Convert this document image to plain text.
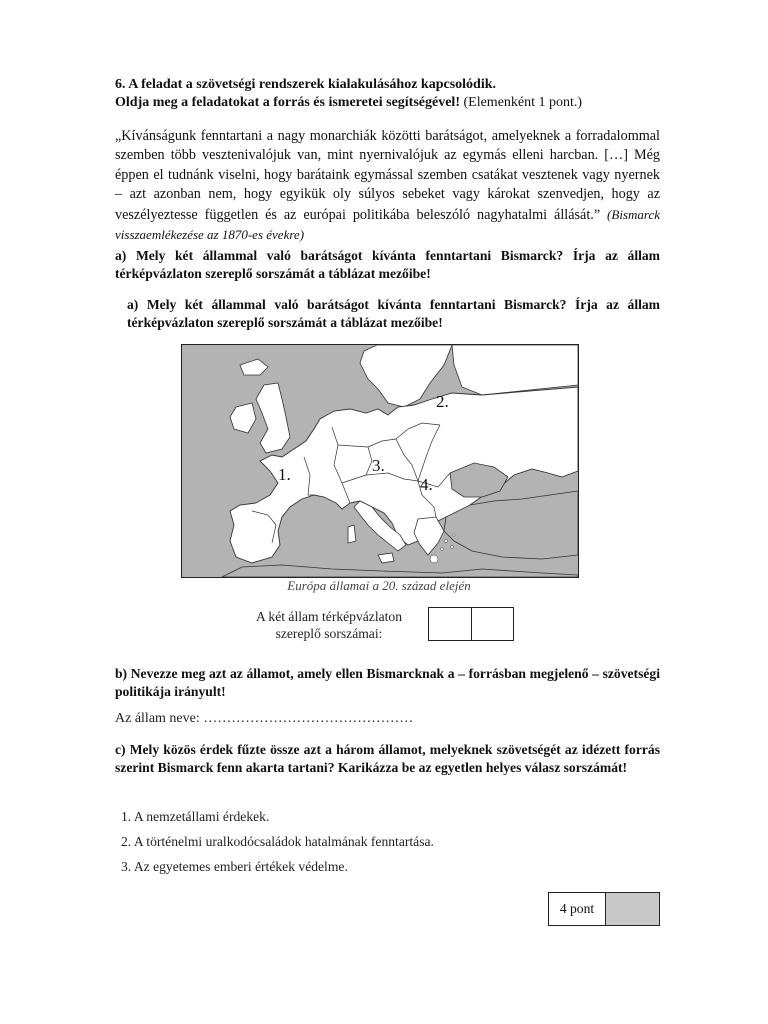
6. A feladat a szövetségi rendszerek kialakulásához kapcsolódik.
Oldja meg a feladatokat a forrás és ismeretei segítségével! (Elemenként 1 pont.)
„Kívánságunk fenntartani a nagy monarchiák közötti barátságot, amelyeknek a forradalommal szemben több vesztenivalójuk van, mint nyernivalójuk az egymás elleni harcban. […] Még éppen el tudnánk viselni, hogy barátaink egymással szemben csatákat vesztenek vagy nyernek – azt azonban nem, hogy egyikük oly súlyos sebeket vagy károkat szenvedjen, hogy az veszélyeztesse független és az európai politikába beleszóló nagyhatalmi állását.” (Bismarck visszaemlékezése az 1870-es évekre)
a) Mely két állammal való barátságot kívánta fenntartani Bismarck? Írja az állam térképvázlaton szereplő sorszámát a táblázat mezőibe!
a) Mely két állammal való barátságot kívánta fenntartani Bismarck? Írja az állam térképvázlaton szereplő sorszámát a táblázat mezőibe!
1.
2.
3.
4.
Európa államai a 20. század elején
A két állam térképvázlaton
szereplő sorszámai:
b) Nevezze meg azt az államot, amely ellen Bismarcknak a – forrásban megjelenő – szövetségi politikája irányult!
Az állam neve: ………………………………………
c) Mely közös érdek fűzte össze azt a három államot, melyeknek szövetségét az idézett forrás szerint Bismarck fenn akarta tartani? Karikázza be az egyetlen helyes válasz sorszámát!
1. A nemzetállami érdekek.
2. A történelmi uralkodócsaládok hatalmának fenntartása.
3. Az egyetemes emberi értékek védelme.
4 pont
